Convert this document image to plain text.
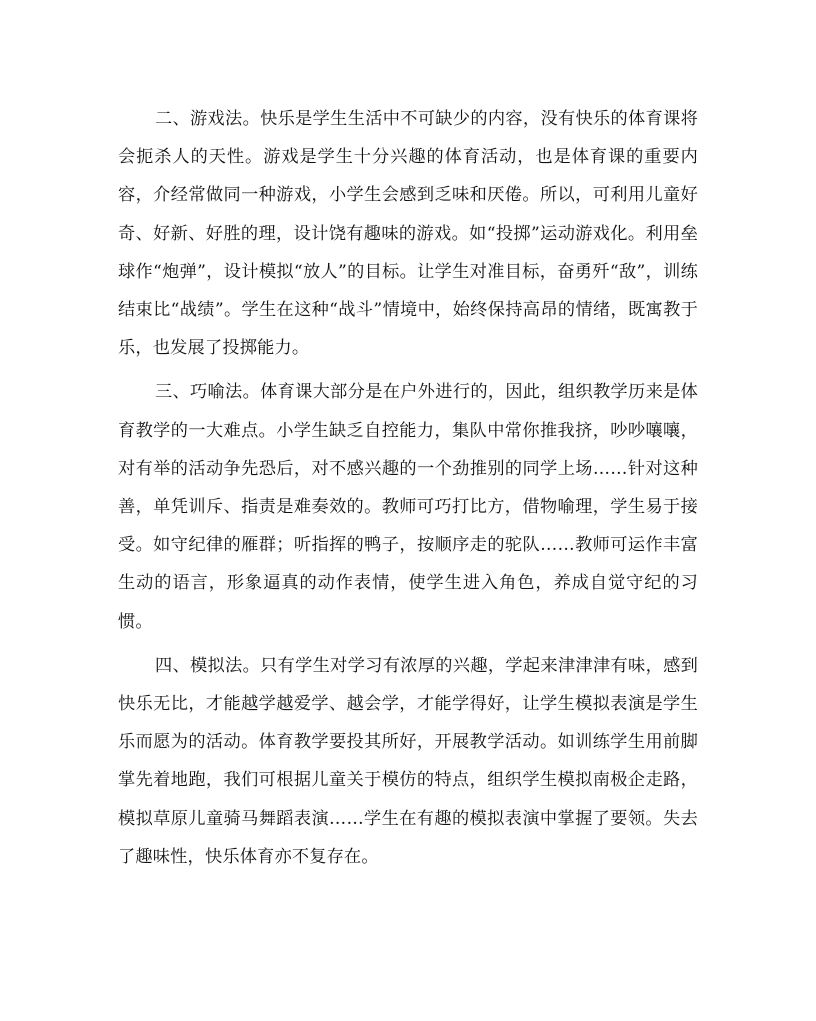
二、游戏法。快乐是学生生活中不可缺少的内容，没有快乐的体育课将会扼杀人的天性。游戏是学生十分兴趣的体育活动，也是体育课的重要内容，介经常做同一种游戏，小学生会感到乏味和厌倦。所以，可利用儿童好奇、好新、好胜的理，设计饶有趣味的游戏。如“投掷”运动游戏化。利用垒球作“炮弹”，设计模拟“放人”的目标。让学生对准目标，奋勇歼“敌”，训练结束比“战绩”。学生在这种“战斗”情境中，始终保持高昂的情绪，既寓教于乐，也发展了投掷能力。

三、巧喻法。体育课大部分是在户外进行的，因此，组织教学历来是体育教学的一大难点。小学生缺乏自控能力，集队中常你推我挤，吵吵嚷嚷，对有举的活动争先恐后，对不感兴趣的一个劲推别的同学上场……针对这种善，单凭训斥、指责是难奏效的。教师可巧打比方，借物喻理，学生易于接受。如守纪律的雁群；听指挥的鸭子，按顺序走的驼队……教师可运作丰富生动的语言，形象逼真的动作表情，使学生进入角色，养成自觉守纪的习惯。

四、模拟法。只有学生对学习有浓厚的兴趣，学起来津津津有味，感到快乐无比，才能越学越爱学、越会学，才能学得好，让学生模拟表演是学生乐而愿为的活动。体育教学要投其所好，开展教学活动。如训练学生用前脚掌先着地跑，我们可根据儿童关于模仿的特点，组织学生模拟南极企走路，模拟草原儿童骑马舞蹈表演……学生在有趣的模拟表演中掌握了要领。失去了趣味性，快乐体育亦不复存在。
